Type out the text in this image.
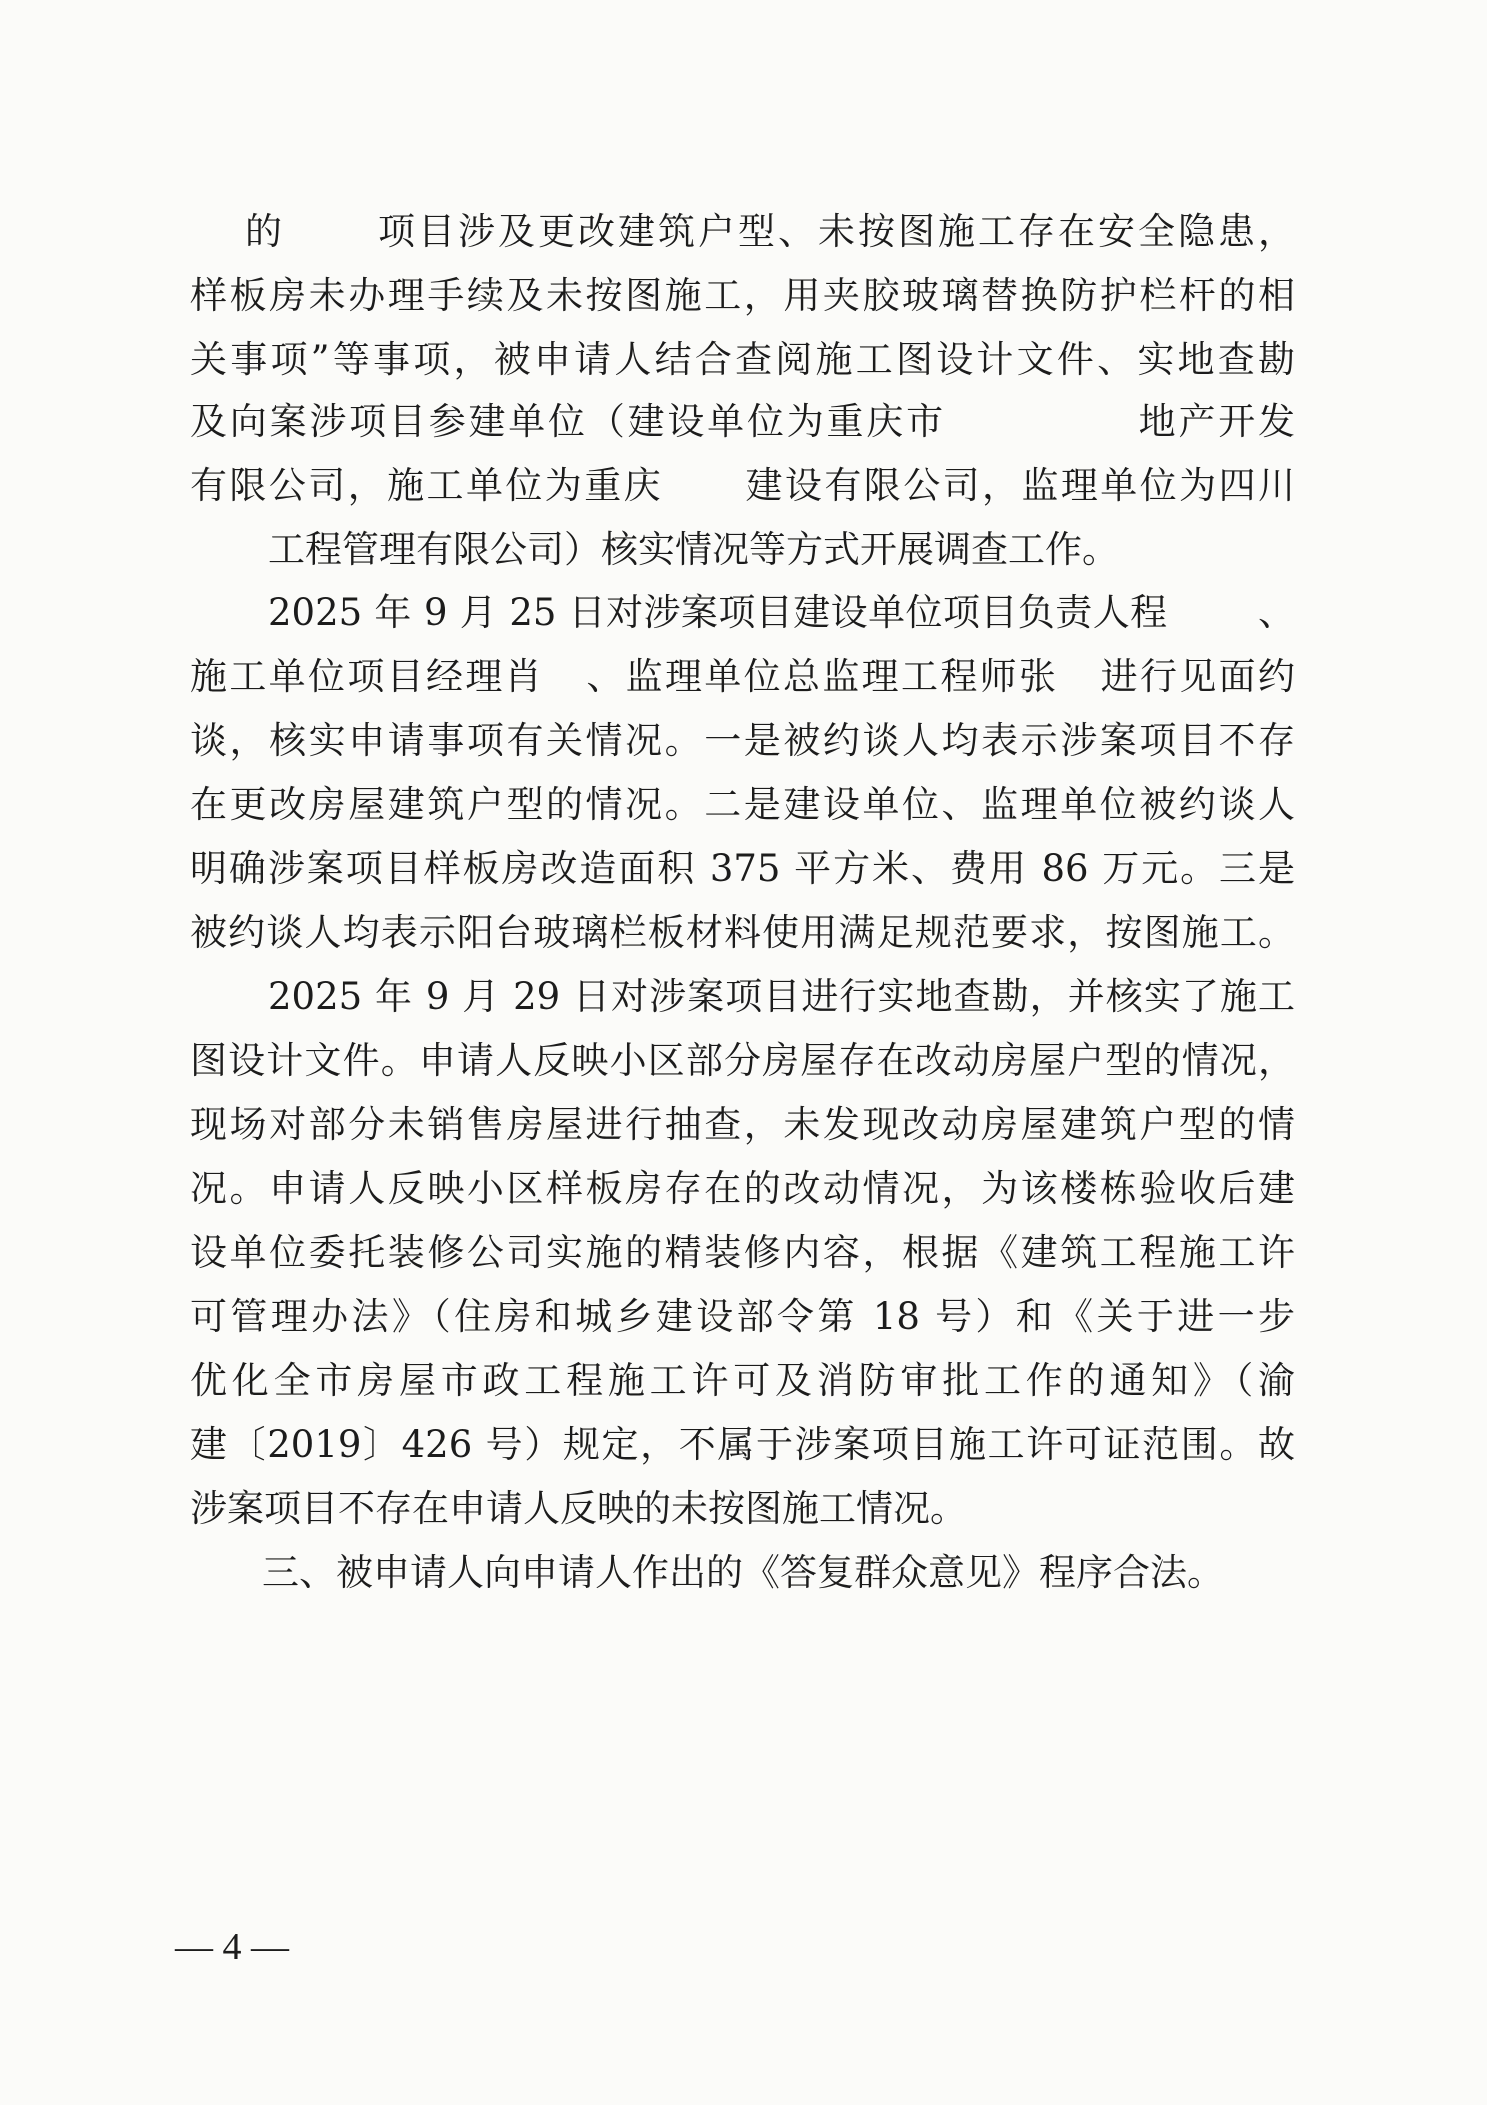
的 项目涉及更改建筑户型、未按图施工存在安全隐患，
样板房未办理手续及未按图施工，用夹胶玻璃替换防护栏杆的相
关事项”等事项，被申请人结合查阅施工图设计文件、实地查勘
及向案涉项目参建单位（建设单位为重庆市	地产开发
有限公司，施工单位为重庆 建设有限公司，监理单位为四川
工程管理有限公司）核实情况等方式开展调查工作。
2025 年 9 月 25 日对涉案项目建设单位项目负责人程 、
施工单位项目经理肖 、监理单位总监理工程师张 进行见面约
谈，核实申请事项有关情况。一是被约谈人均表示涉案项目不存
在更改房屋建筑户型的情况。二是建设单位、监理单位被约谈人
明确涉案项目样板房改造面积 375 平方米、费用 86 万元。三是
被约谈人均表示阳台玻璃栏板材料使用满足规范要求，按图施工。
2025 年 9 月 29 日对涉案项目进行实地查勘，并核实了施工
图设计文件。申请人反映小区部分房屋存在改动房屋户型的情况，
现场对部分未销售房屋进行抽查，未发现改动房屋建筑户型的情
况。申请人反映小区样板房存在的改动情况，为该楼栋验收后建
设单位委托装修公司实施的精装修内容，根据《建筑工程施工许
可管理办法》（住房和城乡建设部令第 18 号）和《关于进一步
优化全市房屋市政工程施工许可及消防审批工作的通知》（渝
建〔2019〕426 号）规定，不属于涉案项目施工许可证范围。故
涉案项目不存在申请人反映的未按图施工情况。
三、被申请人向申请人作出的《答复群众意见》程序合法。
— 4 —
